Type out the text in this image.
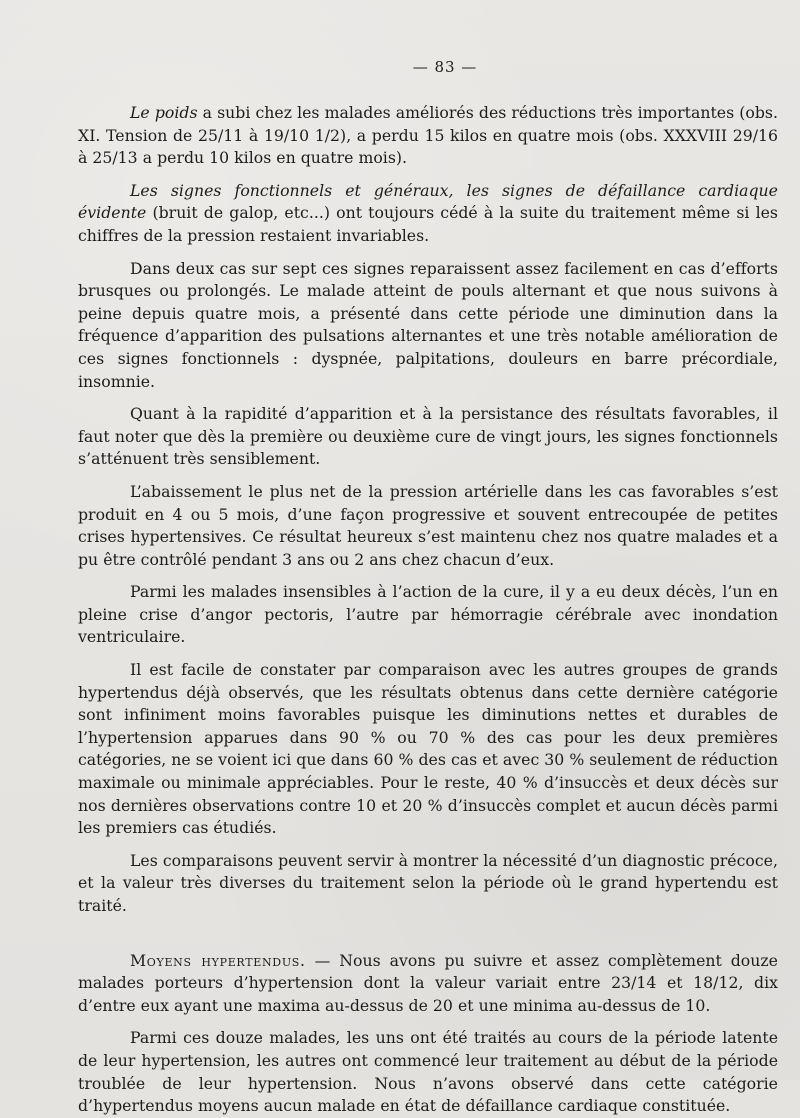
— 83 —

Le poids a subi chez les malades améliorés des réductions très importantes (obs. XI. Tension de 25/11 à 19/10 1/2), a perdu 15 kilos en quatre mois (obs. XXXVIII 29/16 à 25/13 a perdu 10 kilos en quatre mois).

Les signes fonctionnels et généraux, les signes de défaillance cardiaque évidente (bruit de galop, etc...) ont toujours cédé à la suite du traitement même si les chiffres de la pression restaient invariables.

Dans deux cas sur sept ces signes reparaissent assez facilement en cas d’efforts brusques ou prolongés. Le malade atteint de pouls alternant et que nous suivons à peine depuis quatre mois, a présenté dans cette période une diminution dans la fréquence d’apparition des pulsations alternantes et une très notable amélioration de ces signes fonctionnels : dyspnée, palpitations, douleurs en barre précordiale, insomnie.

Quant à la rapidité d’apparition et à la persistance des résultats favorables, il faut noter que dès la première ou deuxième cure de vingt jours, les signes fonctionnels s’atténuent très sensiblement.

L’abaissement le plus net de la pression artérielle dans les cas favorables s’est produit en 4 ou 5 mois, d’une façon progressive et souvent entrecoupée de petites crises hypertensives. Ce résultat heureux s’est maintenu chez nos quatre malades et a pu être contrôlé pendant 3 ans ou 2 ans chez chacun d’eux.

Parmi les malades insensibles à l’action de la cure, il y a eu deux décès, l’un en pleine crise d’angor pectoris, l’autre par hémorragie cérébrale avec inondation ventriculaire.

Il est facile de constater par comparaison avec les autres groupes de grands hypertendus déjà observés, que les résultats obtenus dans cette dernière catégorie sont infiniment moins favorables puisque les diminutions nettes et durables de l’hypertension apparues dans 90 % ou 70 % des cas pour les deux premières catégories, ne se voient ici que dans 60 % des cas et avec 30 % seulement de réduction maximale ou minimale appréciables. Pour le reste, 40 % d’insuccès et deux décès sur nos dernières observations contre 10 et 20 % d’insuccès complet et aucun décès parmi les premiers cas étudiés.

Les comparaisons peuvent servir à montrer la nécessité d’un diagnostic précoce, et la valeur très diverses du traitement selon la période où le grand hypertendu est traité.

Moyens hypertendus. — Nous avons pu suivre et assez complètement douze malades porteurs d’hypertension dont la valeur variait entre 23/14 et 18/12, dix d’entre eux ayant une maxima au-dessus de 20 et une minima au-dessus de 10.

Parmi ces douze malades, les uns ont été traités au cours de la période latente de leur hypertension, les autres ont commencé leur traitement au début de la période troublée de leur hypertension. Nous n’avons observé dans cette catégorie d’hypertendus moyens aucun malade en état de défaillance cardiaque constituée.
